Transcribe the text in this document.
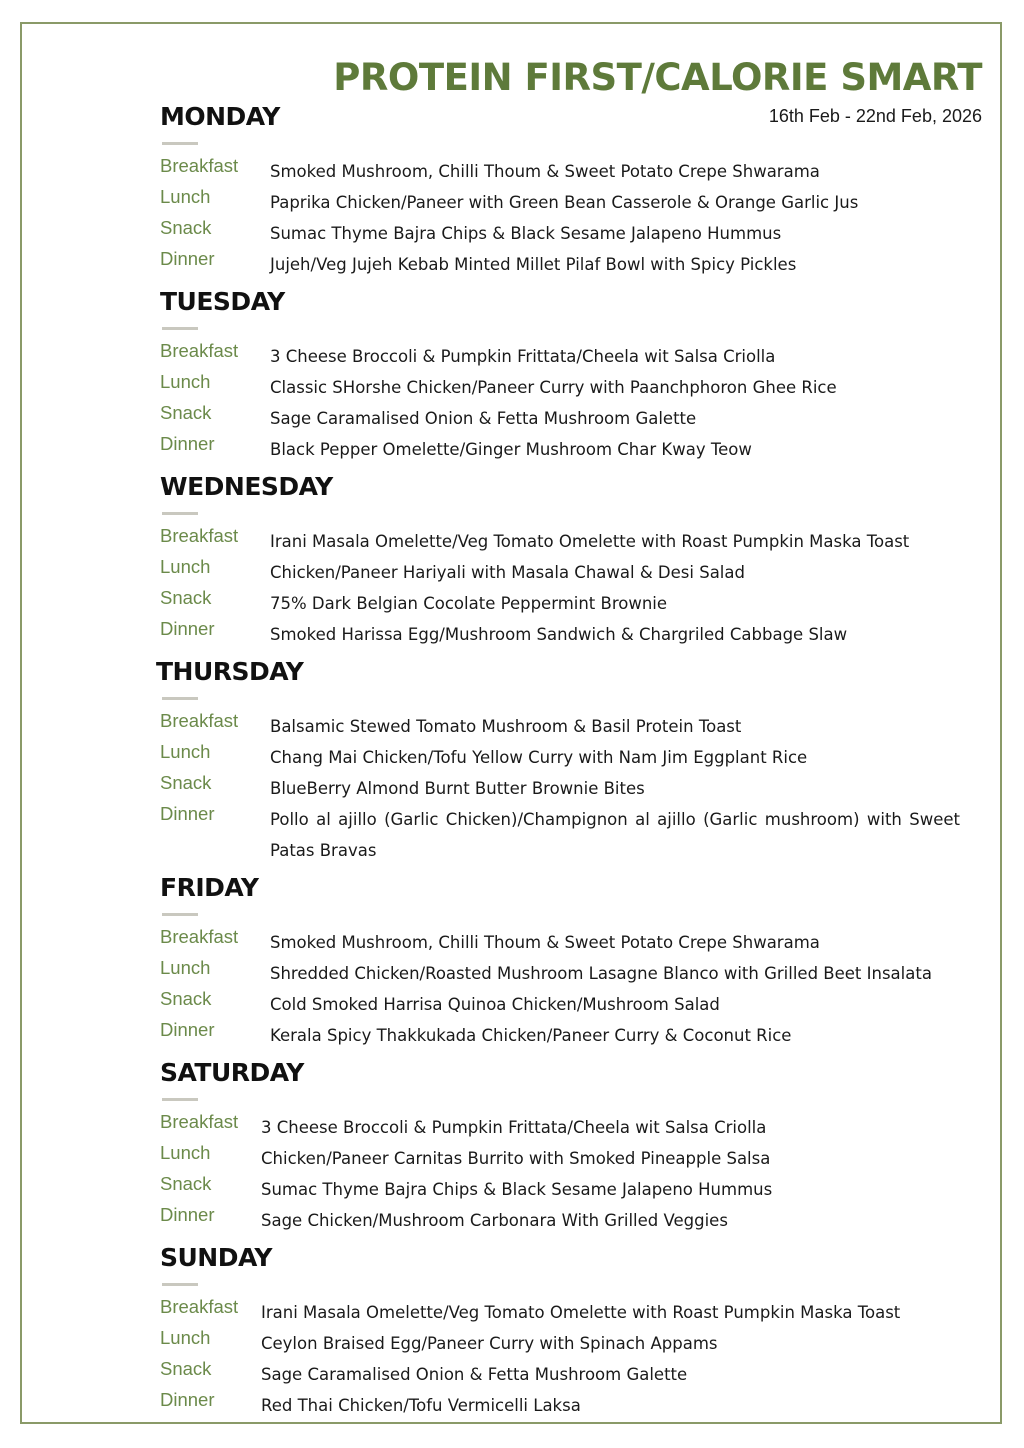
PROTEIN FIRST/CALORIE SMART
16th Feb - 22nd Feb, 2026
MONDAY
Breakfast	Smoked Mushroom, Chilli Thoum & Sweet Potato Crepe Shwarama
Lunch	Paprika Chicken/Paneer with Green Bean Casserole & Orange Garlic Jus
Snack	Sumac Thyme Bajra Chips & Black Sesame Jalapeno Hummus
Dinner	Jujeh/Veg Jujeh Kebab Minted Millet Pilaf Bowl with Spicy Pickles
TUESDAY
Breakfast	3 Cheese Broccoli & Pumpkin Frittata/Cheela wit Salsa Criolla
Lunch	Classic SHorshe Chicken/Paneer Curry with Paanchphoron Ghee Rice
Snack	Sage Caramalised Onion & Fetta Mushroom Galette
Dinner	Black Pepper Omelette/Ginger Mushroom Char Kway Teow
WEDNESDAY
Breakfast	Irani Masala Omelette/Veg Tomato Omelette with Roast Pumpkin Maska Toast
Lunch	Chicken/Paneer Hariyali with Masala Chawal & Desi Salad
Snack	75% Dark Belgian Cocolate Peppermint Brownie
Dinner	Smoked Harissa Egg/Mushroom Sandwich & Chargriled Cabbage Slaw
THURSDAY
Breakfast	Balsamic Stewed Tomato Mushroom & Basil Protein Toast
Lunch	Chang Mai Chicken/Tofu Yellow Curry with Nam Jim Eggplant Rice
Snack	BlueBerry Almond Burnt Butter Brownie Bites
Dinner	Pollo al ajillo (Garlic Chicken)/Champignon al ajillo (Garlic mushroom) with Sweet Patas Bravas
FRIDAY
Breakfast	Smoked Mushroom, Chilli Thoum & Sweet Potato Crepe Shwarama
Lunch	Shredded Chicken/Roasted Mushroom Lasagne Blanco with Grilled Beet Insalata
Snack	Cold Smoked Harrisa Quinoa Chicken/Mushroom Salad
Dinner	Kerala Spicy Thakkukada Chicken/Paneer Curry & Coconut Rice
SATURDAY
Breakfast	3 Cheese Broccoli & Pumpkin Frittata/Cheela wit Salsa Criolla
Lunch	Chicken/Paneer Carnitas Burrito with Smoked Pineapple Salsa
Snack	Sumac Thyme Bajra Chips & Black Sesame Jalapeno Hummus
Dinner	Sage Chicken/Mushroom Carbonara With Grilled Veggies
SUNDAY
Breakfast	Irani Masala Omelette/Veg Tomato Omelette with Roast Pumpkin Maska Toast
Lunch	Ceylon Braised Egg/Paneer Curry with Spinach Appams
Snack	Sage Caramalised Onion & Fetta Mushroom Galette
Dinner	Red Thai Chicken/Tofu Vermicelli Laksa
